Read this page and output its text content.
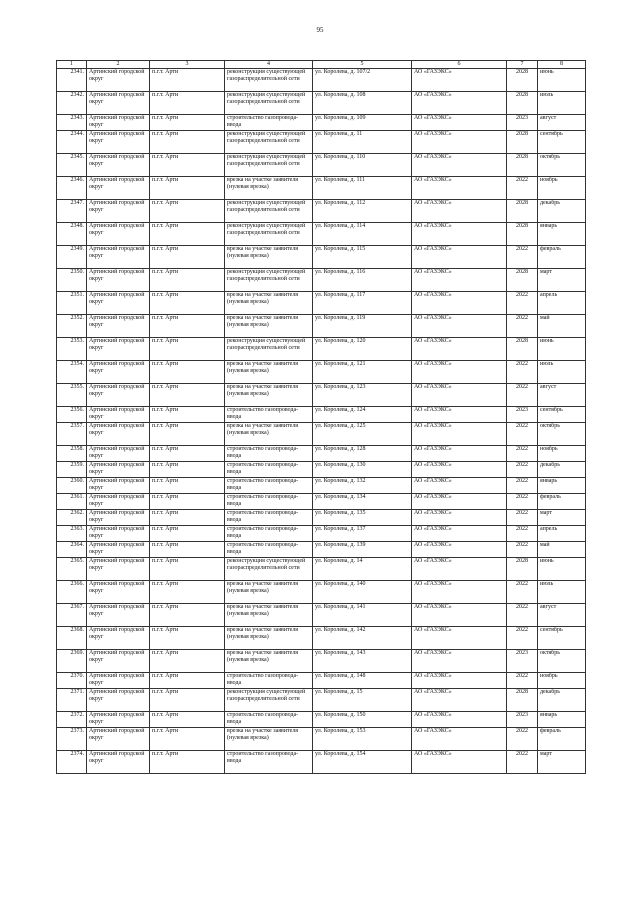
95
1	2	3	4	5	6	7	8
2341.	Артинский городской округ	п.г.т. Арти	реконструкция существующей газораспределительной сети	ул. Королева, д. 107/2	АО «ГАЗЭКС»	2028	июнь
2342.	Артинский городской округ	п.г.т. Арти	реконструкция существующей газораспределительной сети	ул. Королева, д. 108	АО «ГАЗЭКС»	2028	июль
2343.	Артинский городской округ	п.г.т. Арти	строительство газопровода-ввода	ул. Королева, д. 109	АО «ГАЗЭКС»	2023	август
2344.	Артинский городской округ	п.г.т. Арти	реконструкция существующей газораспределительной сети	ул. Королева, д. 11	АО «ГАЗЭКС»	2028	сентябрь
2345.	Артинский городской округ	п.г.т. Арти	реконструкция существующей газораспределительной сети	ул. Королева, д. 110	АО «ГАЗЭКС»	2028	октябрь
2346.	Артинский городской округ	п.г.т. Арти	врезка на участке заявителя (нулевая врезка)	ул. Королева, д. 111	АО «ГАЗЭКС»	2022	ноябрь
2347.	Артинский городской округ	п.г.т. Арти	реконструкция существующей газораспределительной сети	ул. Королева, д. 112	АО «ГАЗЭКС»	2028	декабрь
2348.	Артинский городской округ	п.г.т. Арти	реконструкция существующей газораспределительной сети	ул. Королева, д. 114	АО «ГАЗЭКС»	2028	январь
2349.	Артинский городской округ	п.г.т. Арти	врезка на участке заявителя (нулевая врезка)	ул. Королева, д. 115	АО «ГАЗЭКС»	2022	февраль
2350.	Артинский городской округ	п.г.т. Арти	реконструкция существующей газораспределительной сети	ул. Королева, д. 116	АО «ГАЗЭКС»	2028	март
2351.	Артинский городской округ	п.г.т. Арти	врезка на участке заявителя (нулевая врезка)	ул. Королева, д. 117	АО «ГАЗЭКС»	2022	апрель
2352.	Артинский городской округ	п.г.т. Арти	врезка на участке заявителя (нулевая врезка)	ул. Королева, д. 119	АО «ГАЗЭКС»	2022	май
2353.	Артинский городской округ	п.г.т. Арти	реконструкция существующей газораспределительной сети	ул. Королева, д. 120	АО «ГАЗЭКС»	2028	июнь
2354.	Артинский городской округ	п.г.т. Арти	врезка на участке заявителя (нулевая врезка)	ул. Королева, д. 121	АО «ГАЗЭКС»	2022	июль
2355.	Артинский городской округ	п.г.т. Арти	врезка на участке заявителя (нулевая врезка)	ул. Королева, д. 123	АО «ГАЗЭКС»	2022	август
2356.	Артинский городской округ	п.г.т. Арти	строительство газопровода-ввода	ул. Королева, д. 124	АО «ГАЗЭКС»	2023	сентябрь
2357.	Артинский городской округ	п.г.т. Арти	врезка на участке заявителя (нулевая врезка)	ул. Королева, д. 125	АО «ГАЗЭКС»	2022	октябрь
2358.	Артинский городской округ	п.г.т. Арти	строительство газопровода-ввода	ул. Королева, д. 128	АО «ГАЗЭКС»	2022	ноябрь
2359.	Артинский городской округ	п.г.т. Арти	строительство газопровода-ввода	ул. Королева, д. 130	АО «ГАЗЭКС»	2022	декабрь
2360.	Артинский городской округ	п.г.т. Арти	строительство газопровода-ввода	ул. Королева, д. 132	АО «ГАЗЭКС»	2022	январь
2361.	Артинский городской округ	п.г.т. Арти	строительство газопровода-ввода	ул. Королева, д. 134	АО «ГАЗЭКС»	2022	февраль
2362.	Артинский городской округ	п.г.т. Арти	строительство газопровода-ввода	ул. Королева, д. 135	АО «ГАЗЭКС»	2022	март
2363.	Артинский городской округ	п.г.т. Арти	строительство газопровода-ввода	ул. Королева, д. 137	АО «ГАЗЭКС»	2022	апрель
2364.	Артинский городской округ	п.г.т. Арти	строительство газопровода-ввода	ул. Королева, д. 139	АО «ГАЗЭКС»	2022	май
2365.	Артинский городской округ	п.г.т. Арти	реконструкция существующей газораспределительной сети	ул. Королева, д. 14	АО «ГАЗЭКС»	2028	июнь
2366.	Артинский городской округ	п.г.т. Арти	врезка на участке заявителя (нулевая врезка)	ул. Королева, д. 140	АО «ГАЗЭКС»	2022	июль
2367.	Артинский городской округ	п.г.т. Арти	врезка на участке заявителя (нулевая врезка)	ул. Королева, д. 141	АО «ГАЗЭКС»	2022	август
2368.	Артинский городской округ	п.г.т. Арти	врезка на участке заявителя (нулевая врезка)	ул. Королева, д. 142	АО «ГАЗЭКС»	2022	сентябрь
2369.	Артинский городской округ	п.г.т. Арти	врезка на участке заявителя (нулевая врезка)	ул. Королева, д. 143	АО «ГАЗЭКС»	2023	октябрь
2370.	Артинский городской округ	п.г.т. Арти	строительство газопровода-ввода	ул. Королева, д. 148	АО «ГАЗЭКС»	2022	ноябрь
2371.	Артинский городской округ	п.г.т. Арти	реконструкция существующей газораспределительной сети	ул. Королева, д. 15	АО «ГАЗЭКС»	2028	декабрь
2372.	Артинский городской округ	п.г.т. Арти	строительство газопровода-ввода	ул. Королева, д. 150	АО «ГАЗЭКС»	2023	январь
2373.	Артинский городской округ	п.г.т. Арти	врезка на участке заявителя (нулевая врезка)	ул. Королева, д. 153	АО «ГАЗЭКС»	2022	февраль
2374.	Артинский городской округ	п.г.т. Арти	строительство газопровода-ввода	ул. Королева, д. 154	АО «ГАЗЭКС»	2022	март
